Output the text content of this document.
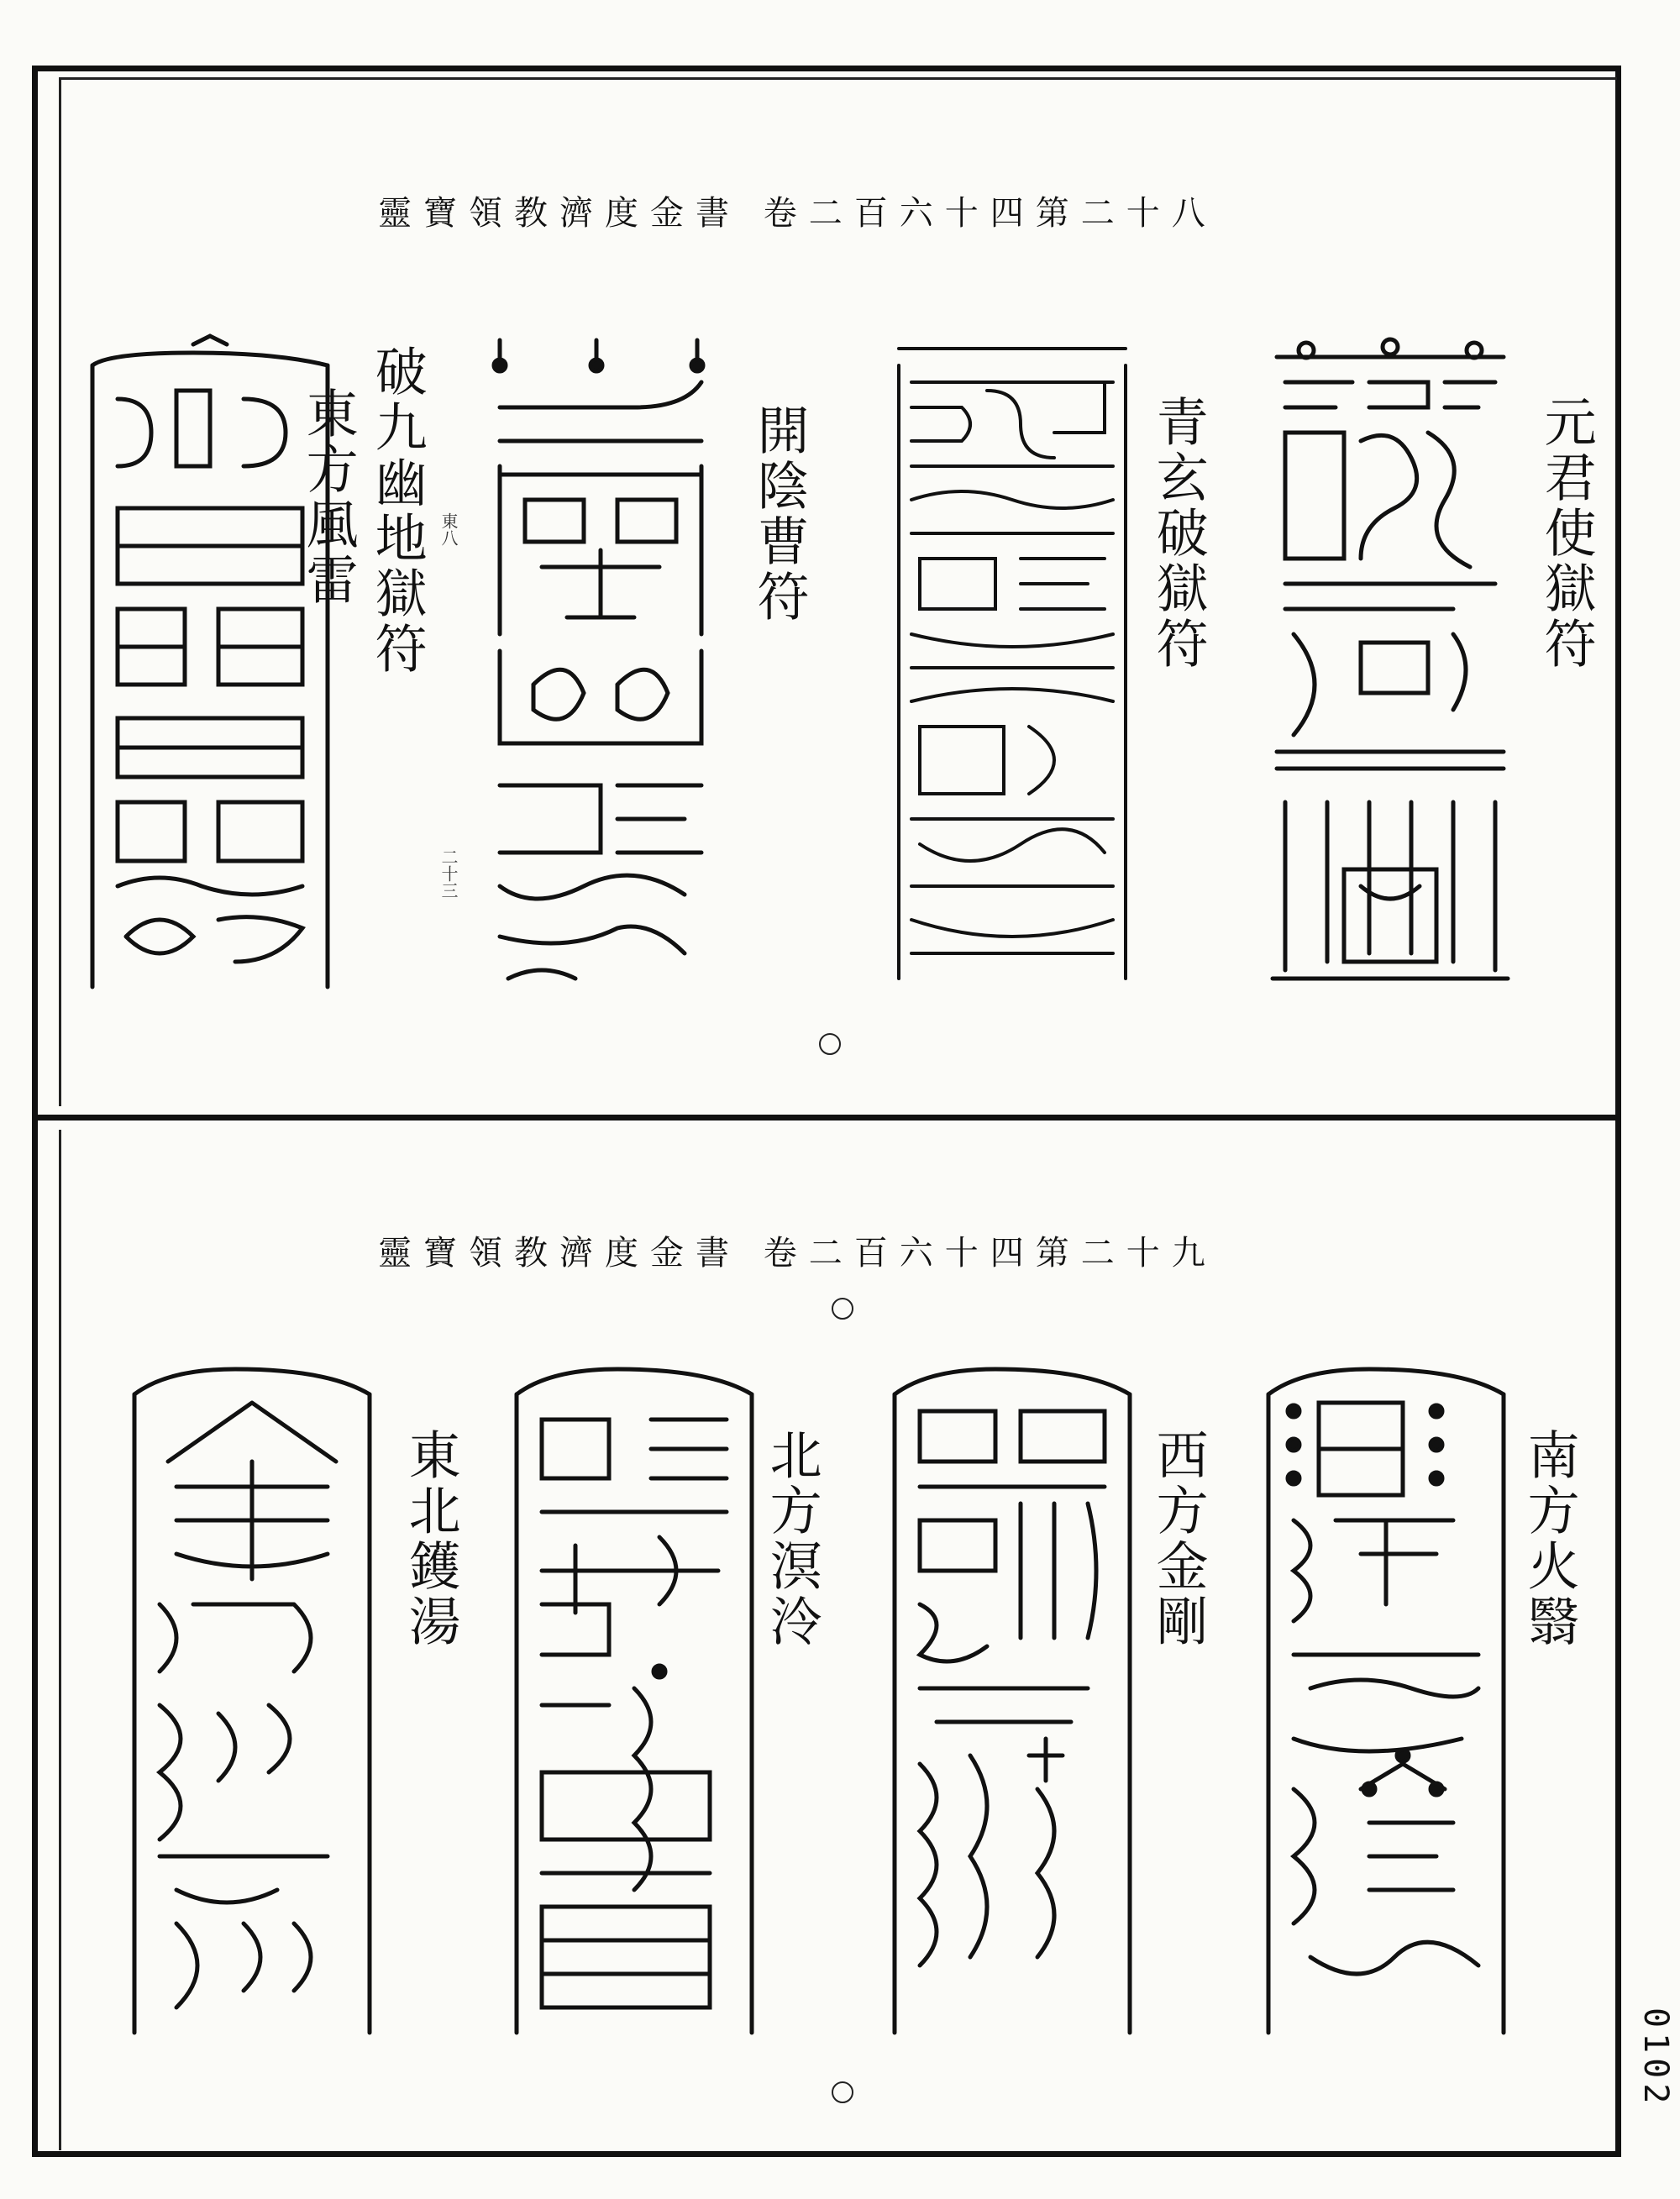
靈寶領教濟度金書 卷二百六十四第二十八
元君使獄符
青玄破獄符
開陰曹符
破九幽地獄符
東方風雷	東八
二十三
靈寶領教濟度金書 卷二百六十四第二十九
南方火翳
西方金剛
北方溟泠
東北鑊湯
0102
